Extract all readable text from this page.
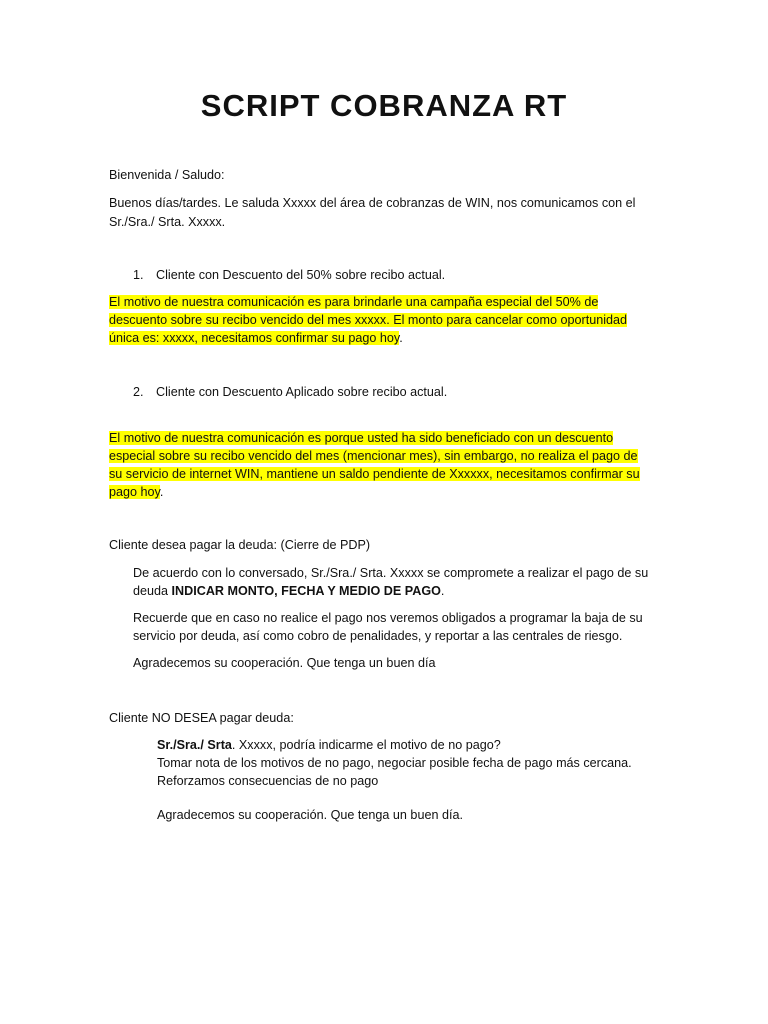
SCRIPT COBRANZA RT

Bienvenida / Saludo:

Buenos días/tardes. Le saluda Xxxxx del área de cobranzas de WIN, nos comunicamos con el

Sr./Sra./ Srta. Xxxxx.

1. Cliente con Descuento del 50% sobre recibo actual.

El motivo de nuestra comunicación es para brindarle una campaña especial del 50% de

descuento sobre su recibo vencido del mes xxxxx. El monto para cancelar como oportunidad

única es: xxxxx, necesitamos confirmar su pago hoy.

2. Cliente con Descuento Aplicado sobre recibo actual.

El motivo de nuestra comunicación es porque usted ha sido beneficiado con un descuento

especial sobre su recibo vencido del mes (mencionar mes), sin embargo, no realiza el pago de

su servicio de internet WIN, mantiene un saldo pendiente de Xxxxxx, necesitamos confirmar su

pago hoy.

Cliente desea pagar la deuda: (Cierre de PDP)

De acuerdo con lo conversado, Sr./Sra./ Srta. Xxxxx se compromete a realizar el pago de su

deuda INDICAR MONTO, FECHA Y MEDIO DE PAGO.

Recuerde que en caso no realice el pago nos veremos obligados a programar la baja de su

servicio por deuda, así como cobro de penalidades, y reportar a las centrales de riesgo.

Agradecemos su cooperación. Que tenga un buen día

Cliente NO DESEA pagar deuda:

Sr./Sra./ Srta. Xxxxx, podría indicarme el motivo de no pago?

Tomar nota de los motivos de no pago, negociar posible fecha de pago más cercana.

Reforzamos consecuencias de no pago

Agradecemos su cooperación. Que tenga un buen día.
